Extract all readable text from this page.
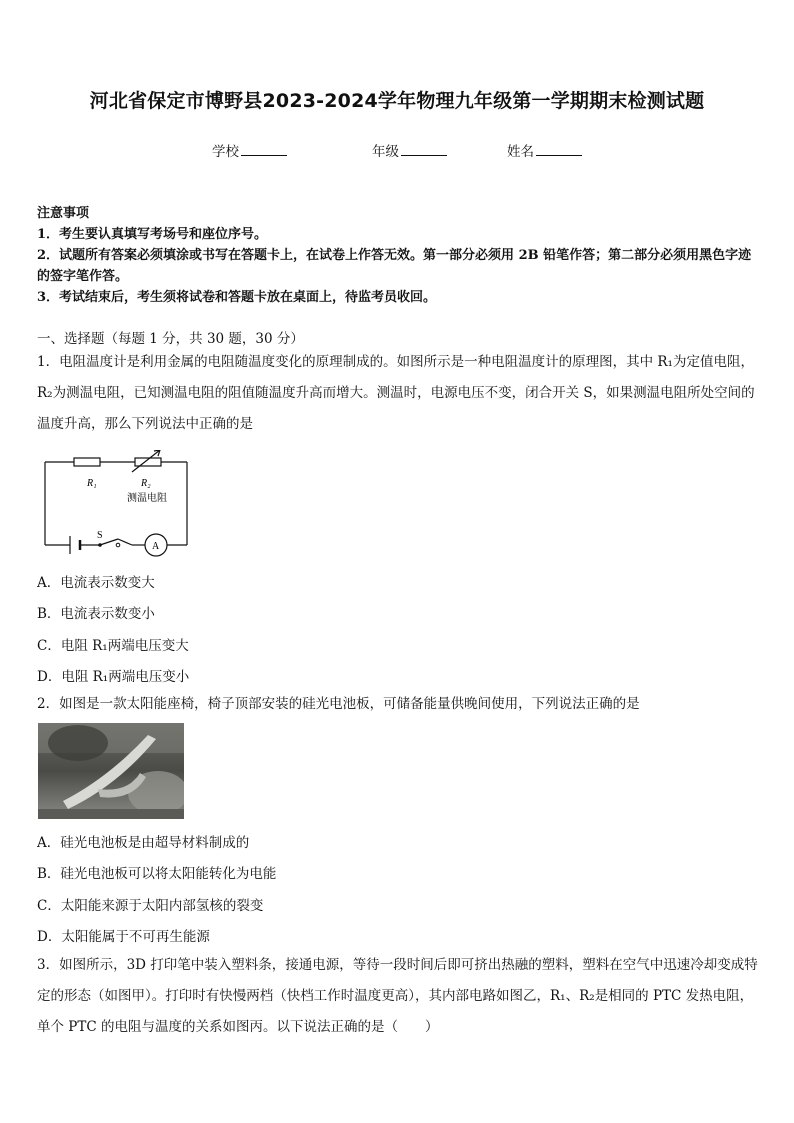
河北省保定市博野县2023-2024学年物理九年级第一学期期末检测试题
学校	年级	姓名

注意事项

1．考生要认真填写考场号和座位序号。

2．试题所有答案必须填涂或书写在答题卡上，在试卷上作答无效。第一部分必须用 2B 铅笔作答；第二部分必须用黑色字迹的签字笔作答。

3．考试结束后，考生须将试卷和答题卡放在桌面上，待监考员收回。

一、选择题（每题 1 分，共 30 题，30 分）
1．电阻温度计是利用金属的电阻随温度变化的原理制成的。如图所示是一种电阻温度计的原理图，其中 R₁为定值电阻，R₂为测温电阻，已知测温电阻的阻值随温度升高而增大。测温时，电源电压不变，闭合开关 S，如果测温电阻所处空间的温度升高，那么下列说法中正确的是
R₁	R₂
测温电阻
S
A
A．电流表示数变大
B．电流表示数变小
C．电阻 R₁两端电压变大
D．电阻 R₁两端电压变小
2．如图是一款太阳能座椅，椅子顶部安装的硅光电池板，可储备能量供晚间使用，下列说法正确的是
A．硅光电池板是由超导材料制成的
B．硅光电池板可以将太阳能转化为电能
C．太阳能来源于太阳内部氢核的裂变
D．太阳能属于不可再生能源
3．如图所示，3D 打印笔中装入塑料条，接通电源，等待一段时间后即可挤出热融的塑料，塑料在空气中迅速冷却变成特定的形态（如图甲）。打印时有快慢两档（快档工作时温度更高），其内部电路如图乙，R₁、R₂是相同的 PTC 发热电阻，单个 PTC 的电阻与温度的关系如图丙。以下说法正确的是（　　）
